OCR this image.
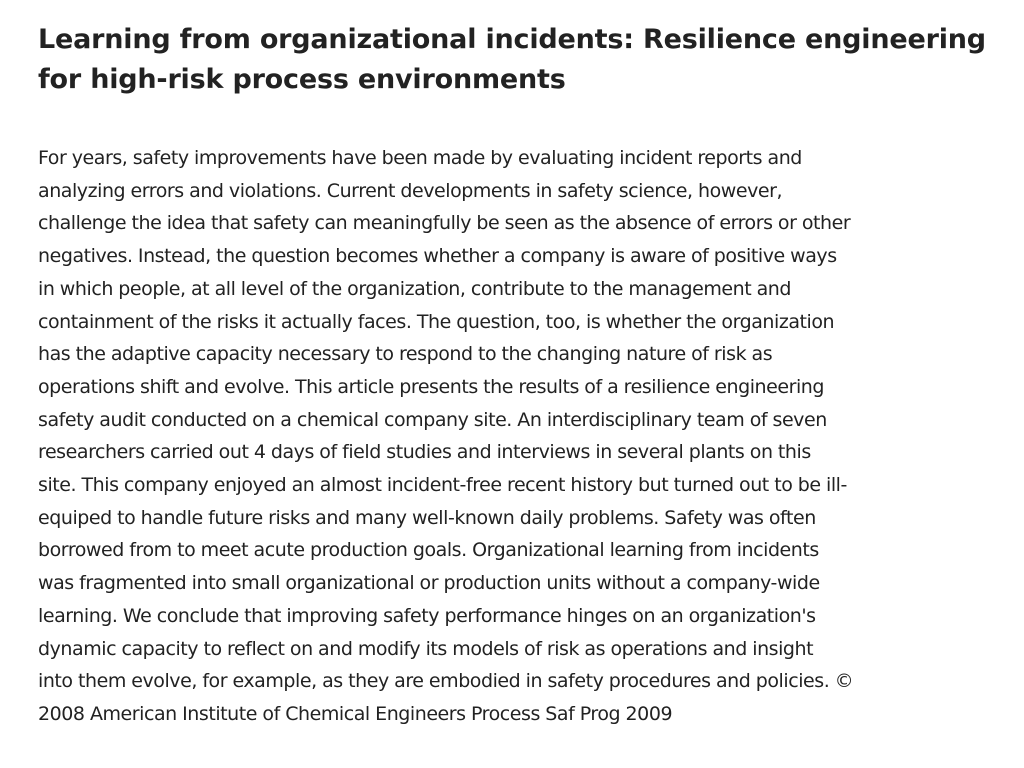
Learning from organizational incidents: Resilience engineering
for high-risk process environments

For years, safety improvements have been made by evaluating incident reports and
analyzing errors and violations. Current developments in safety science, however,
challenge the idea that safety can meaningfully be seen as the absence of errors or other
negatives. Instead, the question becomes whether a company is aware of positive ways
in which people, at all level of the organization, contribute to the management and
containment of the risks it actually faces. The question, too, is whether the organization
has the adaptive capacity necessary to respond to the changing nature of risk as
operations shift and evolve. This article presents the results of a resilience engineering
safety audit conducted on a chemical company site. An interdisciplinary team of seven
researchers carried out 4 days of field studies and interviews in several plants on this
site. This company enjoyed an almost incident-free recent history but turned out to be ill-
equiped to handle future risks and many well-known daily problems. Safety was often
borrowed from to meet acute production goals. Organizational learning from incidents
was fragmented into small organizational or production units without a company-wide
learning. We conclude that improving safety performance hinges on an organization's
dynamic capacity to reflect on and modify its models of risk as operations and insight
into them evolve, for example, as they are embodied in safety procedures and policies. ©
2008 American Institute of Chemical Engineers Process Saf Prog 2009
